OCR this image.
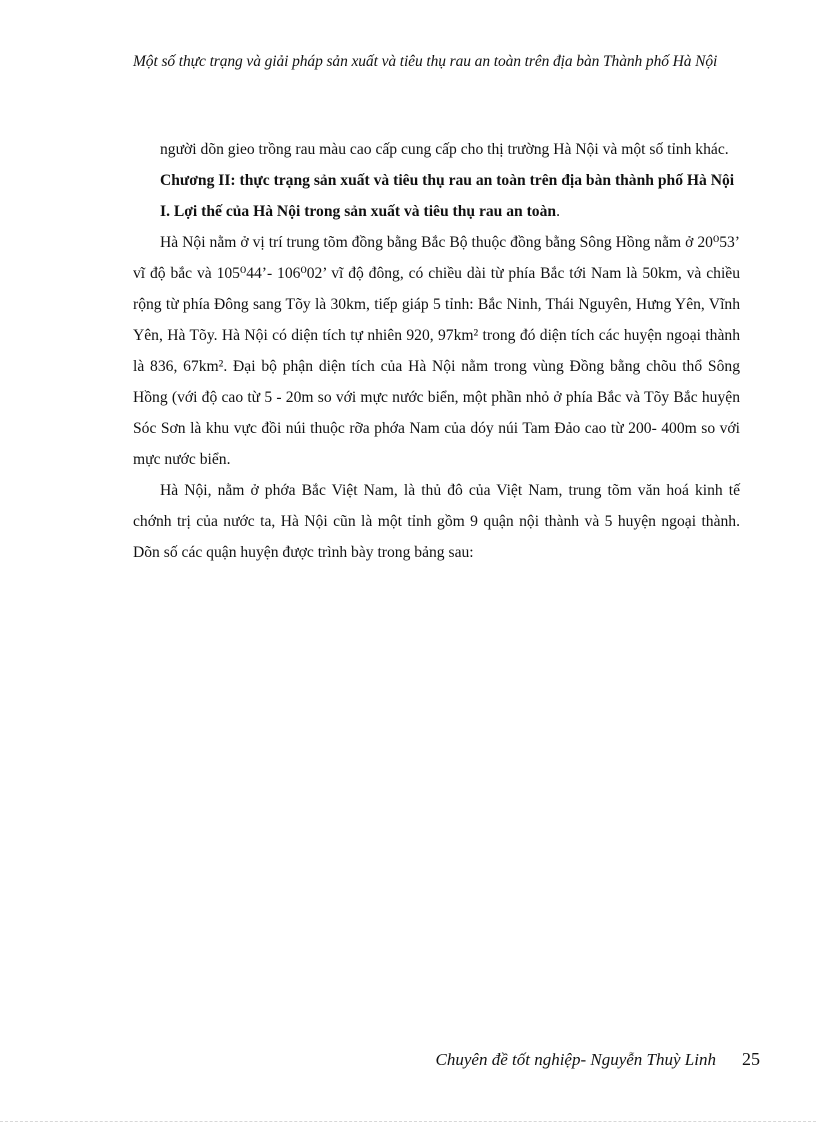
Một số thực trạng và giải pháp sản xuất và tiêu thụ rau an toàn trên địa bàn Thành phố Hà Nội

người dõn gieo trồng rau màu cao cấp cung cấp cho thị trường Hà Nội và một số tỉnh khác.

Chương II: thực trạng sản xuất và tiêu thụ rau an toàn trên địa bàn thành phố Hà Nội

I. Lợi thế của Hà Nội trong sản xuất và tiêu thụ rau an toàn.

Hà Nội nằm ở vị trí trung tõm đồng bằng Bắc Bộ thuộc đồng bằng Sông Hồng nằm ở 20⁰53’ vĩ độ bắc và 105⁰44’- 106⁰02’ vĩ độ đông, có chiều dài từ phía Bắc tới Nam là 50km, và chiều rộng từ phía Đông sang Tõy là 30km, tiếp giáp 5 tỉnh: Bắc Ninh, Thái Nguyên, Hưng Yên, Vĩnh Yên, Hà Tõy. Hà Nội có diện tích tự nhiên 920, 97km² trong đó diện tích các huyện ngoại thành là 836, 67km². Đại bộ phận diện tích của Hà Nội nằm trong vùng Đồng bằng chõu thổ Sông Hồng (với độ cao từ 5 - 20m so với mực nước biển, một phần nhỏ ở phía Bắc và Tõy Bắc huyện Sóc Sơn là khu vực đồi núi thuộc rỡa phớa Nam của dóy núi Tam Đảo cao từ 200- 400m so với mực nước biển.

Hà Nội, nằm ở phớa Bắc Việt Nam, là thủ đô của Việt Nam, trung tõm văn hoá kinh tế chớnh trị của nước ta, Hà Nội cũn là một tỉnh gồm 9 quận nội thành và 5 huyện ngoại thành. Dõn số các quận huyện được trình bày trong bảng sau:

Chuyên đề tốt nghiệp- Nguyễn Thuỳ Linh 25
